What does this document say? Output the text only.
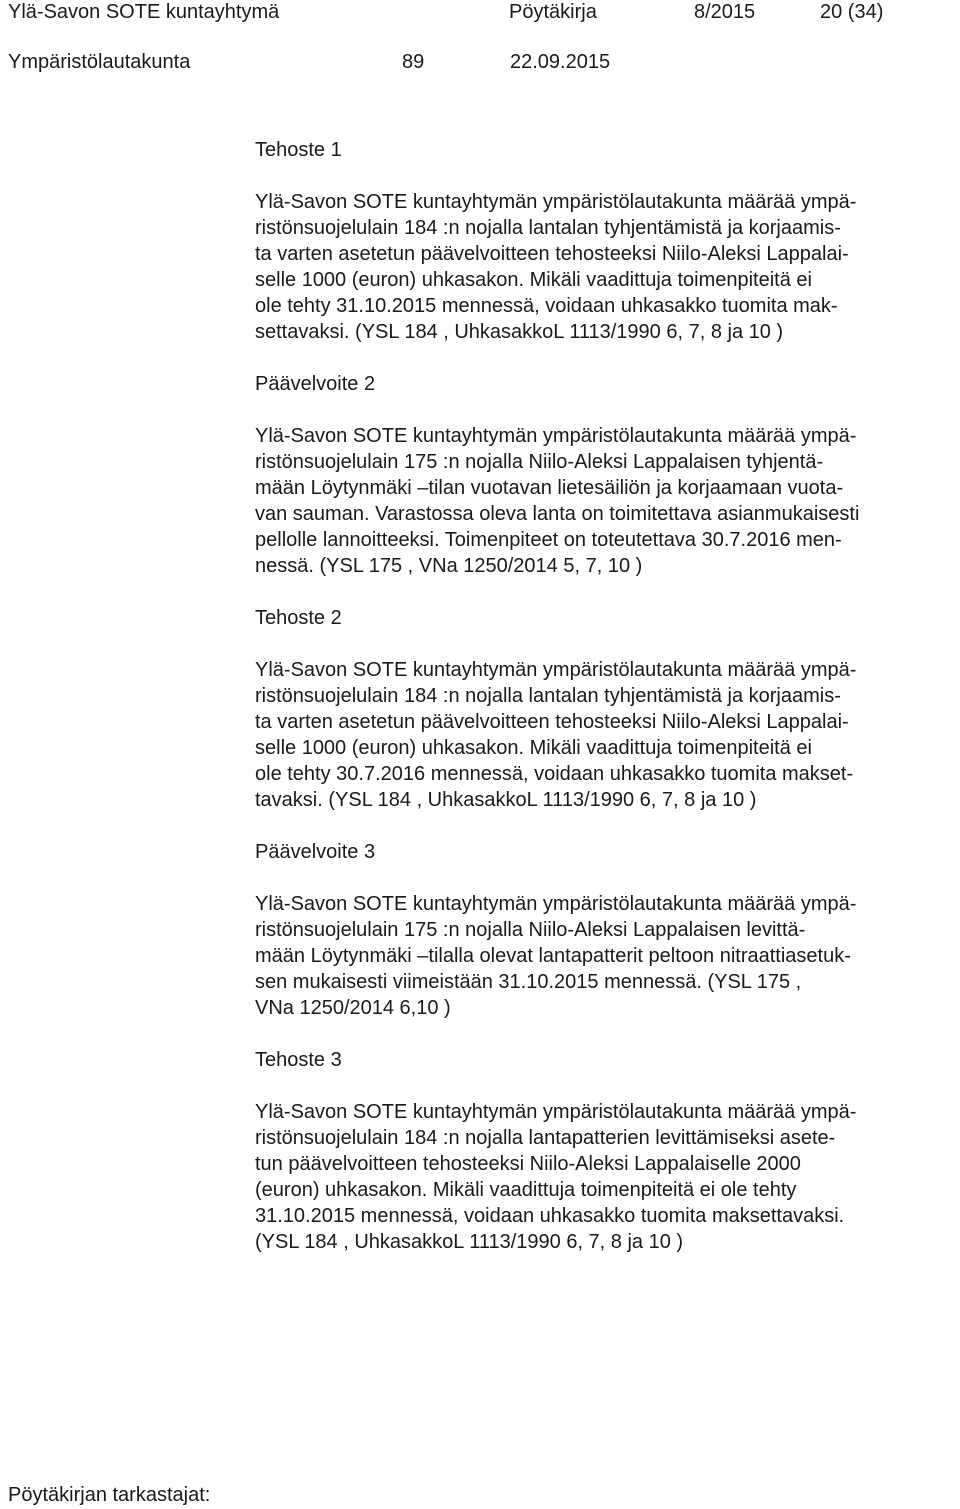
Ylä-Savon SOTE kuntayhtymä	Pöytäkirja	8/2015	20 (34)
Ympäristölautakunta	89	22.09.2015
Tehoste 1
Ylä-Savon SOTE kuntayhtymän ympäristölautakunta määrää ympä-
ristönsuojelulain 184 :n nojalla lantalan tyhjentämistä ja korjaamis-
ta varten asetetun päävelvoitteen tehosteeksi Niilo-Aleksi Lappalai-
selle 1000 (euron) uhkasakon. Mikäli vaadittuja toimenpiteitä ei
ole tehty 31.10.2015 mennessä, voidaan uhkasakko tuomita mak-
settavaksi. (YSL 184 , UhkasakkoL 1113/1990 6, 7, 8 ja 10 )
Päävelvoite 2
Ylä-Savon SOTE kuntayhtymän ympäristölautakunta määrää ympä-
ristönsuojelulain 175 :n nojalla Niilo-Aleksi Lappalaisen tyhjentä-
mään Löytynmäki –tilan vuotavan lietesäiliön ja korjaamaan vuota-
van sauman. Varastossa oleva lanta on toimitettava asianmukaisesti
pellolle lannoitteeksi. Toimenpiteet on toteutettava 30.7.2016 men-
nessä. (YSL 175 , VNa 1250/2014 5, 7, 10 )
Tehoste 2
Ylä-Savon SOTE kuntayhtymän ympäristölautakunta määrää ympä-
ristönsuojelulain 184 :n nojalla lantalan tyhjentämistä ja korjaamis-
ta varten asetetun päävelvoitteen tehosteeksi Niilo-Aleksi Lappalai-
selle 1000 (euron) uhkasakon. Mikäli vaadittuja toimenpiteitä ei
ole tehty 30.7.2016 mennessä, voidaan uhkasakko tuomita makset-
tavaksi. (YSL 184 , UhkasakkoL 1113/1990 6, 7, 8 ja 10 )
Päävelvoite 3
Ylä-Savon SOTE kuntayhtymän ympäristölautakunta määrää ympä-
ristönsuojelulain 175 :n nojalla Niilo-Aleksi Lappalaisen levittä-
mään Löytynmäki –tilalla olevat lantapatterit peltoon nitraattiasetuk-
sen mukaisesti viimeistään 31.10.2015 mennessä. (YSL 175 ,
VNa 1250/2014 6,10 )
Tehoste 3
Ylä-Savon SOTE kuntayhtymän ympäristölautakunta määrää ympä-
ristönsuojelulain 184 :n nojalla lantapatterien levittämiseksi asete-
tun päävelvoitteen tehosteeksi Niilo-Aleksi Lappalaiselle 2000
(euron) uhkasakon. Mikäli vaadittuja toimenpiteitä ei ole tehty
31.10.2015 mennessä, voidaan uhkasakko tuomita maksettavaksi.
(YSL 184 , UhkasakkoL 1113/1990 6, 7, 8 ja 10 )
Pöytäkirjan tarkastajat:
